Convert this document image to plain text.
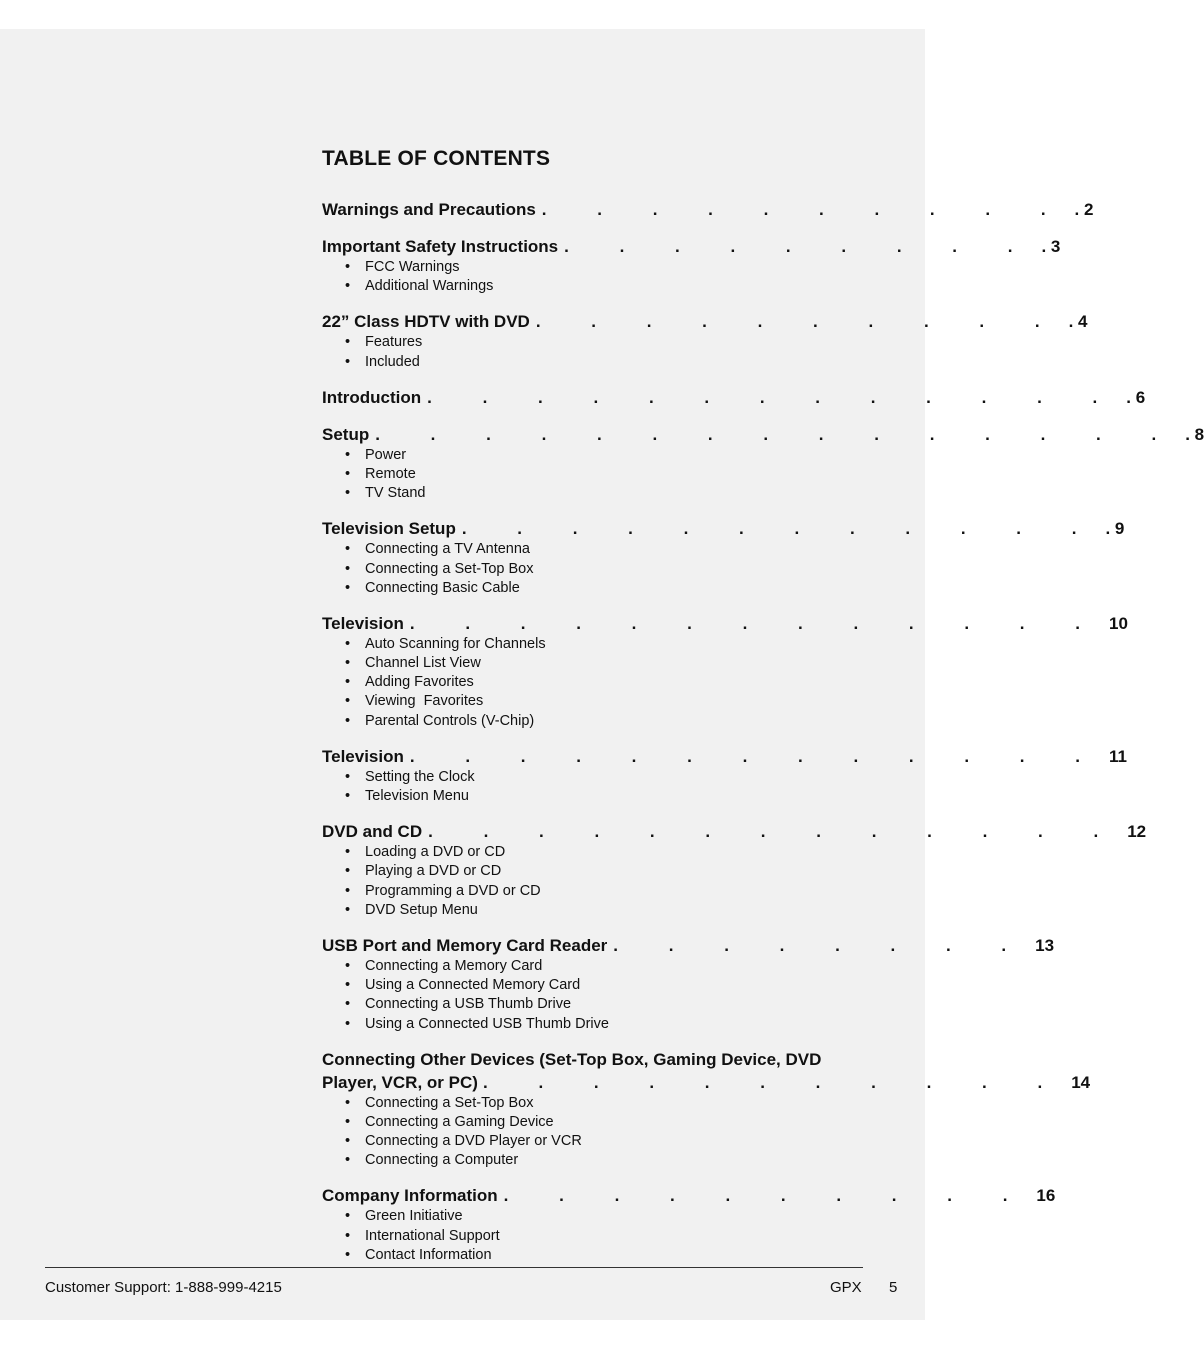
TABLE OF CONTENTS
Warnings and Precautions . . . . . . . . . . . 2
Important Safety Instructions . . . . . . . . . . 3
• FCC Warnings
• Additional Warnings
22” Class HDTV with DVD . . . . . . . . . . . 4
• Features
• Included
Introduction . . . . . . . . . . . . . . 6
Setup . . . . . . . . . . . . . . . . 8
• Power
• Remote
• TV Stand
Television Setup . . . . . . . . . . . . . 9
• Connecting a TV Antenna
• Connecting a Set-Top Box
• Connecting Basic Cable
Television . . . . . . . . . . . . . 10
• Auto Scanning for Channels
• Channel List View
• Adding Favorites
• Viewing  Favorites
• Parental Controls (V-Chip)
Television . . . . . . . . . . . . . 11
• Setting the Clock
• Television Menu
DVD and CD . . . . . . . . . . . . . 12
• Loading a DVD or CD
• Playing a DVD or CD
• Programming a DVD or CD
• DVD Setup Menu
USB Port and Memory Card Reader . . . . . . . . 13
• Connecting a Memory Card
• Using a Connected Memory Card
• Connecting a USB Thumb Drive
• Using a Connected USB Thumb Drive
Connecting Other Devices (Set-Top Box, Gaming Device, DVD Player, VCR, or PC) . . . . . . . . . . . 14
• Connecting a Set-Top Box
• Connecting a Gaming Device
• Connecting a DVD Player or VCR
• Connecting a Computer
Company Information . . . . . . . . . . 16
• Green Initiative
• International Support
• Contact Information
Customer Support: 1-888-999-4215	GPX 5
